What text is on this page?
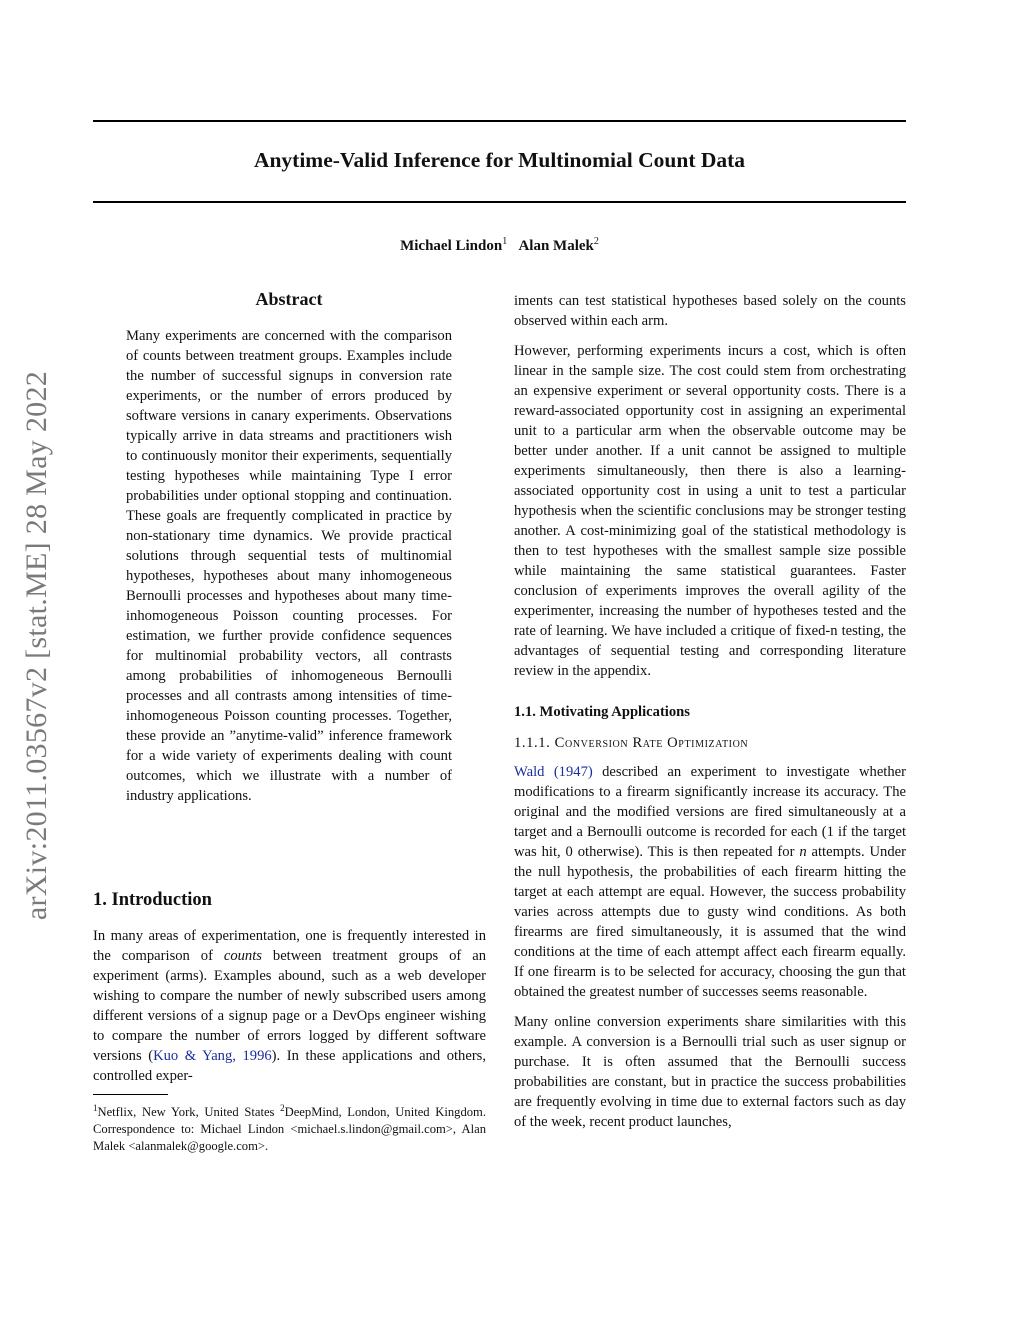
Anytime-Valid Inference for Multinomial Count Data
Michael Lindon$^1$ Alan Malek$^2$
arXiv:2011.03567v2 [stat.ME] 28 May 2022
Abstract

Many experiments are concerned with the comparison of counts between treatment groups. Examples include the number of successful signups in conversion rate experiments, or the number of errors produced by software versions in canary experiments. Observations typically arrive in data streams and practitioners wish to continuously monitor their experiments, sequentially testing hypotheses while maintaining Type I error probabilities under optional stopping and continuation. These goals are frequently complicated in practice by non-stationary time dynamics. We provide practical solutions through sequential tests of multinomial hypotheses, hypotheses about many inhomogeneous Bernoulli processes and hypotheses about many time-inhomogeneous Poisson counting processes. For estimation, we further provide confidence sequences for multinomial probability vectors, all contrasts among probabilities of inhomogeneous Bernoulli processes and all contrasts among intensities of time-inhomogeneous Poisson counting processes. Together, these provide an ”anytime-valid” inference framework for a wide variety of experiments dealing with count outcomes, which we illustrate with a number of industry applications.

1. Introduction

In many areas of experimentation, one is frequently interested in the comparison of counts between treatment groups of an experiment (arms). Examples abound, such as a web developer wishing to compare the number of newly subscribed users among different versions of a signup page or a DevOps engineer wishing to compare the number of errors logged by different software versions (Kuo & Yang, 1996). In these applications and others, controlled exper-

$^1$Netflix, New York, United States $^2$DeepMind, London, United Kingdom. Correspondence to: Michael Lindon <michael.s.lindon@gmail.com>, Alan Malek <alanmalek@google.com>.

iments can test statistical hypotheses based solely on the counts observed within each arm.

However, performing experiments incurs a cost, which is often linear in the sample size. The cost could stem from orchestrating an expensive experiment or several opportunity costs. There is a reward-associated opportunity cost in assigning an experimental unit to a particular arm when the observable outcome may be better under another. If a unit cannot be assigned to multiple experiments simultaneously, then there is also a learning-associated opportunity cost in using a unit to test a particular hypothesis when the scientific conclusions may be stronger testing another. A cost-minimizing goal of the statistical methodology is then to test hypotheses with the smallest sample size possible while maintaining the same statistical guarantees. Faster conclusion of experiments improves the overall agility of the experimenter, increasing the number of hypotheses tested and the rate of learning. We have included a critique of fixed-n testing, the advantages of sequential testing and corresponding literature review in the appendix.

1.1. Motivating Applications

1.1.1. Conversion Rate Optimization

Wald (1947) described an experiment to investigate whether modifications to a firearm significantly increase its accuracy. The original and the modified versions are fired simultaneously at a target and a Bernoulli outcome is recorded for each (1 if the target was hit, 0 otherwise). This is then repeated for n attempts. Under the null hypothesis, the probabilities of each firearm hitting the target at each attempt are equal. However, the success probability varies across attempts due to gusty wind conditions. As both firearms are fired simultaneously, it is assumed that the wind conditions at the time of each attempt affect each firearm equally. If one firearm is to be selected for accuracy, choosing the gun that obtained the greatest number of successes seems reasonable.

Many online conversion experiments share similarities with this example. A conversion is a Bernoulli trial such as user signup or purchase. It is often assumed that the Bernoulli success probabilities are constant, but in practice the success probabilities are frequently evolving in time due to external factors such as day of the week, recent product launches,
